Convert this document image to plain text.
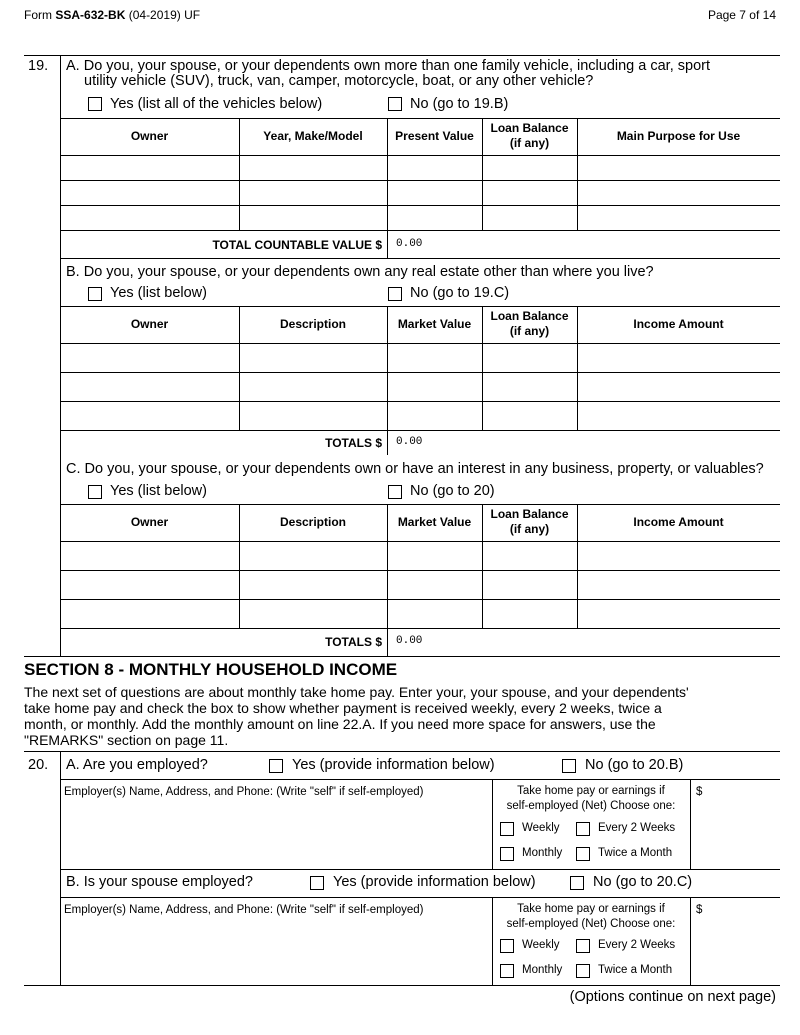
Form SSA-632-BK (04-2019) UF	Page 7 of 14
19. A. Do you, your spouse, or your dependents own more than one family vehicle, including a car, sport
utility vehicle (SUV), truck, van, camper, motorcycle, boat, or any other vehicle?
Yes (list all of the vehicles below)	No (go to 19.B)
Owner	Year, Make/Model	Present Value
Loan Balance
(if any)	Main Purpose for Use
TOTAL COUNTABLE VALUE $ 0.00
B. Do you, your spouse, or your dependents own any real estate other than where you live?
Yes (list below)	No (go to 19.C)
Owner	Description	Market Value
Loan Balance
(if any)	Income Amount
TOTALS $ 0.00
C. Do you, your spouse, or your dependents own or have an interest in any business, property, or valuables?
Yes (list below)	No (go to 20)
Owner	Description	Market Value
Loan Balance
(if any)	Income Amount
TOTALS $ 0.00
SECTION 8 - MONTHLY HOUSEHOLD INCOME
The next set of questions are about monthly take home pay. Enter your, your spouse, and your dependents'
take home pay and check the box to show whether payment is received weekly, every 2 weeks, twice a
month, or monthly. Add the monthly amount on line 22.A. If you need more space for answers, use the
"REMARKS" section on page 11.
20. A. Are you employed?	Yes (provide information below)	No (go to 20.B)
Employer(s) Name, Address, and Phone: (Write "self" if self-employed)	Take home pay or earnings if
self-employed (Net) Choose one:
Weekly	Every 2 Weeks
Monthly	Twice a Month
$
B. Is your spouse employed?	Yes (provide information below)	No (go to 20.C)
Employer(s) Name, Address, and Phone: (Write "self" if self-employed)	Take home pay or earnings if
self-employed (Net) Choose one:
Weekly	Every 2 Weeks
Monthly	Twice a Month
$
(Options continue on next page)
